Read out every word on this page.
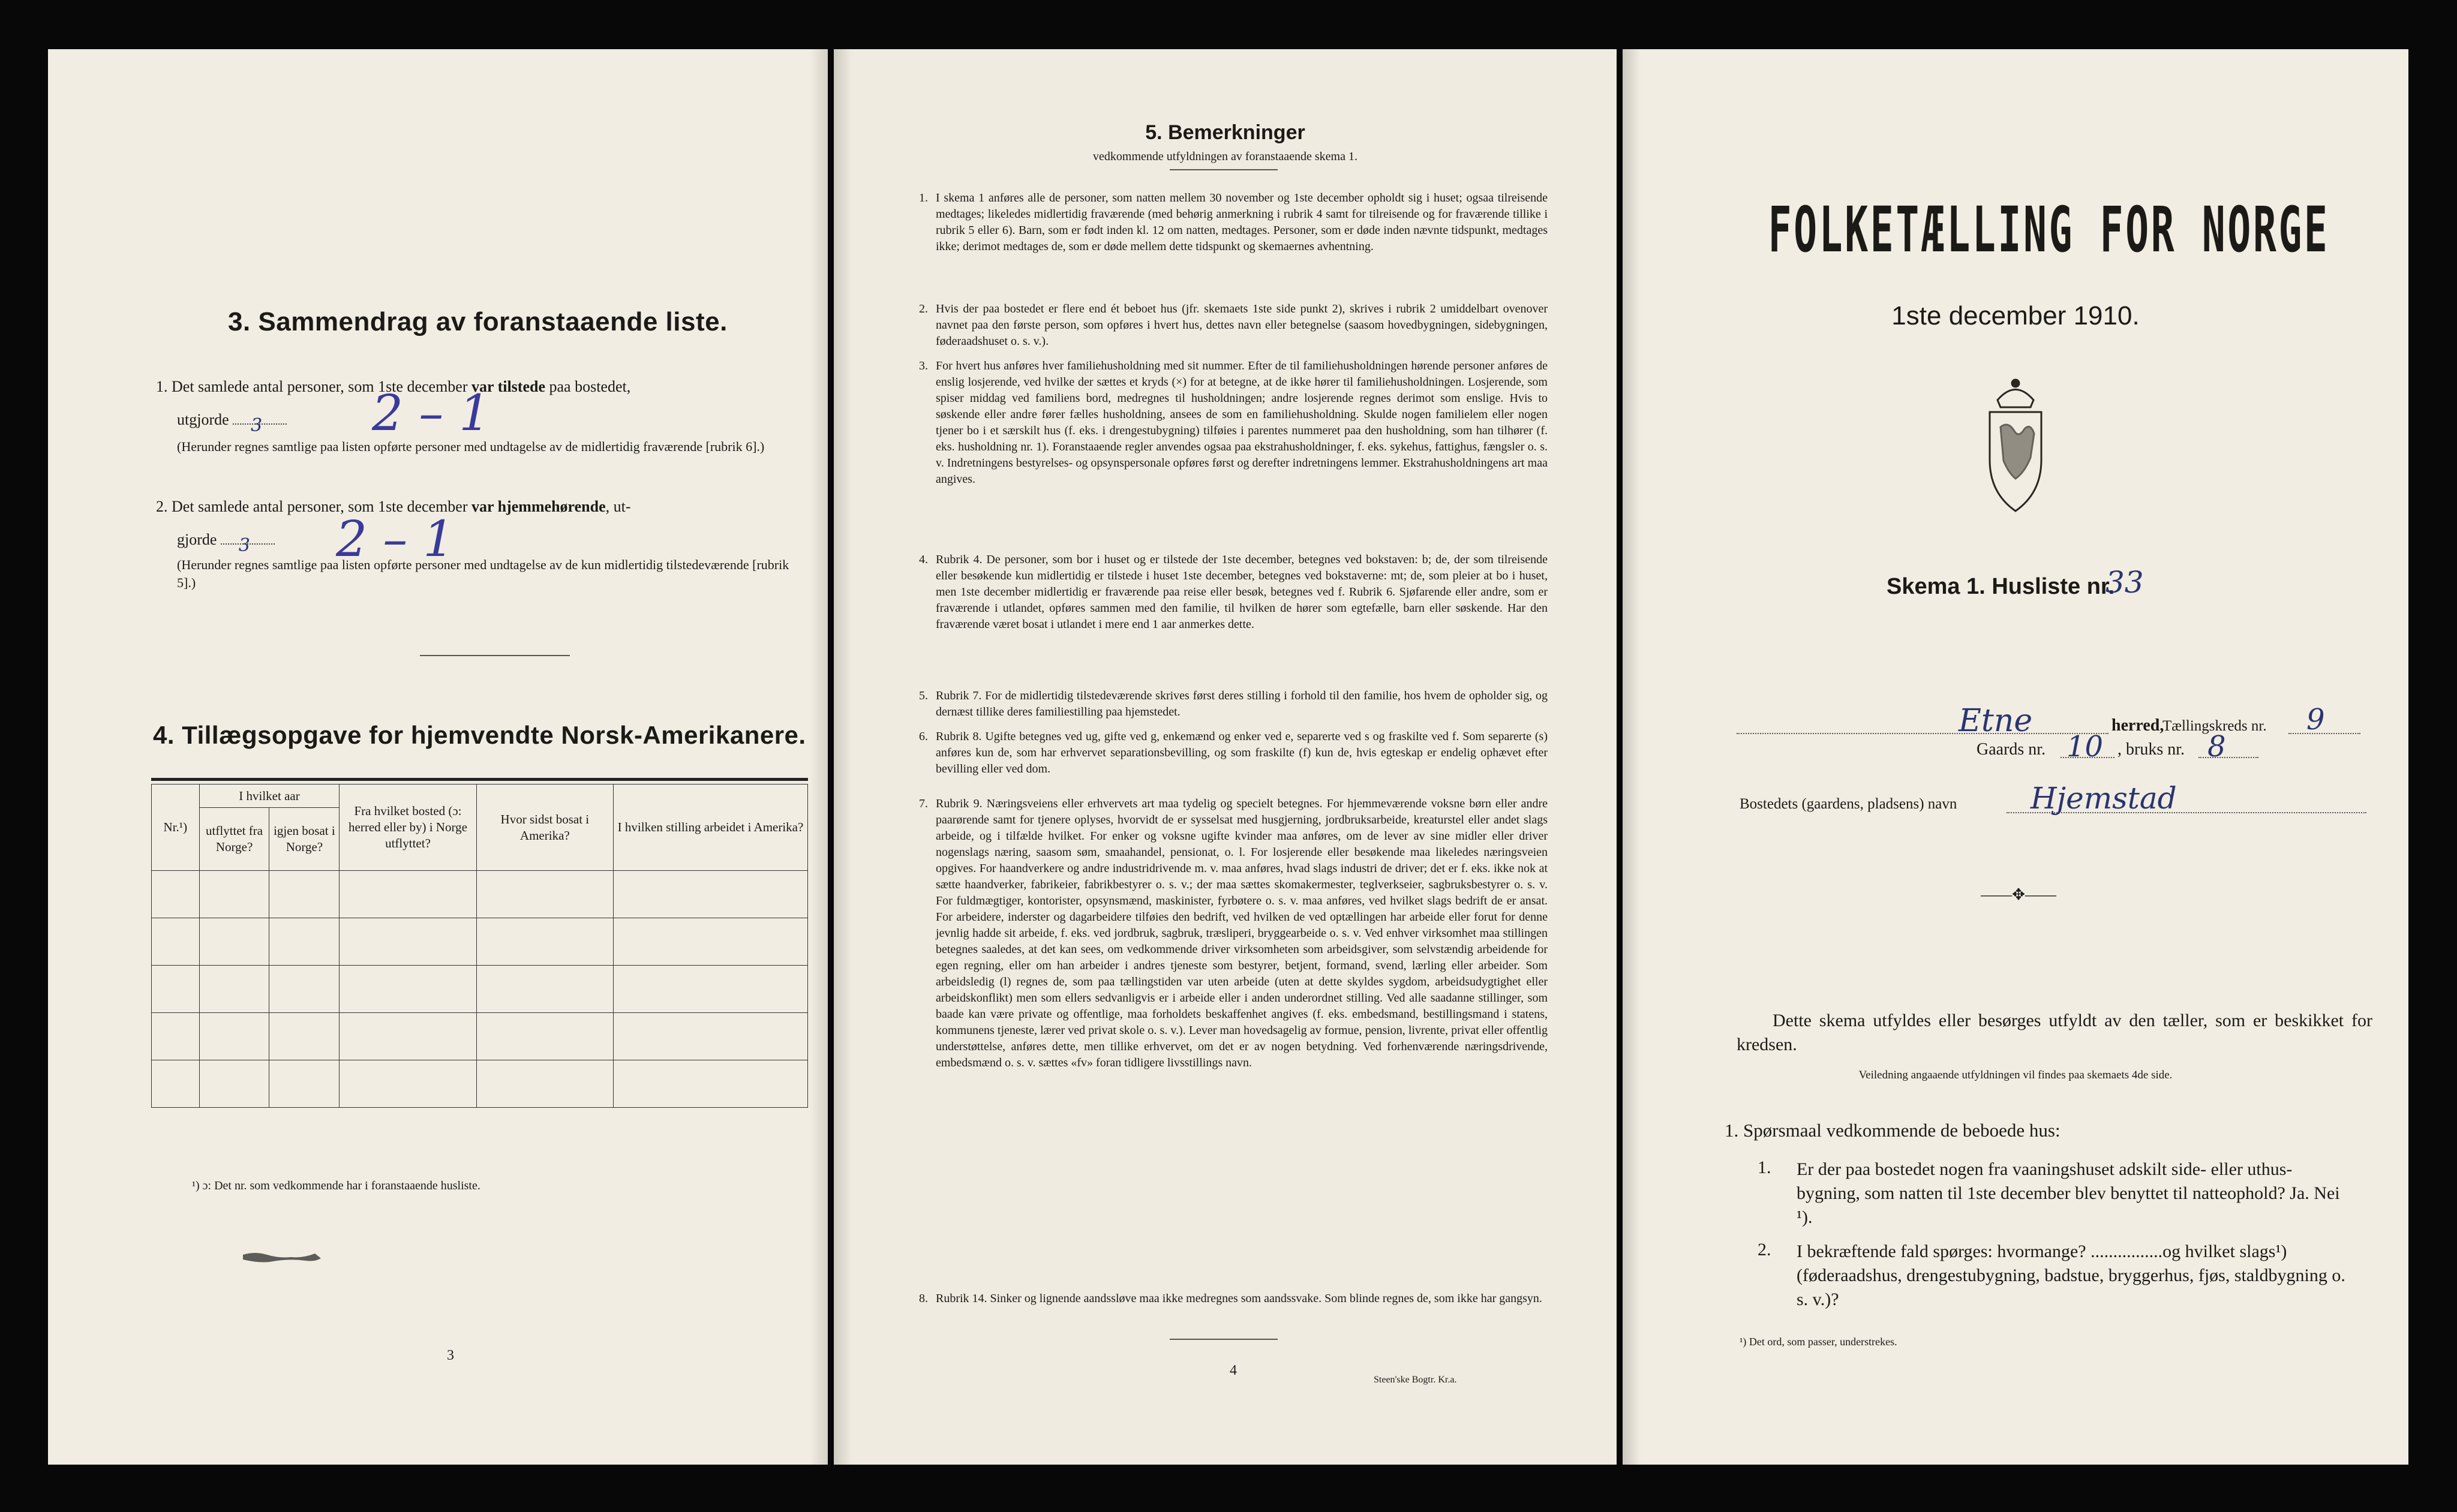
3. Sammendrag av foranstaaende liste.
1. Det samlede antal personer, som 1ste december var tilstede paa bostedet,
utgjorde 3 2 – 1
(Herunder regnes samtlige paa listen opførte personer med undtagelse av de midlertidig fraværende [rubrik 6].)
2. Det samlede antal personer, som 1ste december var hjemmehørende, ut-
gjorde 3 2 – 1
(Herunder regnes samtlige paa listen opførte personer med undtagelse av de kun midlertidig tilstedeværende [rubrik 5].)
4. Tillægsopgave for hjemvendte Norsk-Amerikanere.
Nr.¹)	I hvilket aar		Fra hvilket bosted (ɔ: herred eller by) i Norge utflyttet?	Hvor sidst bosat i Amerika?	I hvilken stilling arbeidet i Amerika?
	utflyttet fra Norge?	igjen bosat i Norge?			

¹) ɔ: Det nr. som vedkommende har i foranstaaende husliste.
3
5. Bemerkninger
vedkommende utfyldningen av foranstaaende skema 1.
1. I skema 1 anføres alle de personer, som natten mellem 30 november og 1ste december opholdt sig i huset; ogsaa tilreisende medtages; likeledes midlertidig fraværende (med behørig anmerkning i rubrik 4 samt for tilreisende og for fraværende tillike i rubrik 5 eller 6). Barn, som er født inden kl. 12 om natten, medtages. Personer, som er døde inden nævnte tidspunkt, medtages ikke; derimot medtages de, som er døde mellem dette tidspunkt og skemaernes avhentning.
2. Hvis der paa bostedet er flere end ét beboet hus (jfr. skemaets 1ste side punkt 2), skrives i rubrik 2 umiddelbart ovenover navnet paa den første person, som opføres i hvert hus, dettes navn eller betegnelse (saasom hovedbygningen, sidebygningen, føderaadshuset o. s. v.).
3. For hvert hus anføres hver familiehusholdning med sit nummer. Efter de til familiehusholdningen hørende personer anføres de enslig losjerende, ved hvilke der sættes et kryds (×) for at betegne, at de ikke hører til familiehusholdningen. Losjerende, som spiser middag ved familiens bord, medregnes til husholdningen; andre losjerende regnes derimot som enslige. Hvis to søskende eller andre fører fælles husholdning, ansees de som en familiehusholdning. Skulde nogen familielem eller nogen tjener bo i et særskilt hus (f. eks. i drengestubygning) tilføies i parentes nummeret paa den husholdning, som han tilhører (f. eks. husholdning nr. 1). Foranstaaende regler anvendes ogsaa paa ekstrahusholdninger, f. eks. sykehus, fattighus, fængsler o. s. v. Indretningens bestyrelses- og opsynspersonale opføres først og derefter indretningens lemmer. Ekstrahusholdningens art maa angives.
4. Rubrik 4. De personer, som bor i huset og er tilstede der 1ste december, betegnes ved bokstaven: b; de, der som tilreisende eller besøkende kun midlertidig er tilstede i huset 1ste december, betegnes ved bokstaverne: mt; de, som pleier at bo i huset, men 1ste december midlertidig er fraværende paa reise eller besøk, betegnes ved f. Rubrik 6. Sjøfarende eller andre, som er fraværende i utlandet, opføres sammen med den familie, til hvilken de hører som egtefælle, barn eller søskende. Har den fraværende været bosat i utlandet i mere end 1 aar anmerkes dette.
5. Rubrik 7. For de midlertidig tilstedeværende skrives først deres stilling i forhold til den familie, hos hvem de opholder sig, og dernæst tillike deres familiestilling paa hjemstedet.
6. Rubrik 8. Ugifte betegnes ved ug, gifte ved g, enkemænd og enker ved e, separerte ved s og fraskilte ved f. Som separerte (s) anføres kun de, som har erhvervet separationsbevilling, og som fraskilte (f) kun de, hvis egteskap er endelig ophævet efter bevilling eller ved dom.
7. Rubrik 9. Næringsveiens eller erhvervets art maa tydelig og specielt betegnes. For hjemmeværende voksne børn eller andre paarørende samt for tjenere oplyses, hvorvidt de er sysselsat med husgjerning, jordbruksarbeide, kreaturstel eller andet slags arbeide, og i tilfælde hvilket. For enker og voksne ugifte kvinder maa anføres, om de lever av sine midler eller driver nogenslags næring, saasom søm, smaahandel, pensionat, o. l. For losjerende eller besøkende maa likeledes næringsveien opgives. For haandverkere og andre industridrivende m. v. maa anføres, hvad slags industri de driver; det er f. eks. ikke nok at sætte haandverker, fabrikeier, fabrikbestyrer o. s. v.; der maa sættes skomakermester, teglverkseier, sagbruksbestyrer o. s. v. For fuldmægtiger, kontorister, opsynsmænd, maskinister, fyrbøtere o. s. v. maa anføres, ved hvilket slags bedrift de er ansat. For arbeidere, inderster og dagarbeidere tilføies den bedrift, ved hvilken de ved optællingen har arbeide eller forut for denne jevnlig hadde sit arbeide, f. eks. ved jordbruk, sagbruk, træsliperi, bryggearbeide o. s. v. Ved enhver virksomhet maa stillingen betegnes saaledes, at det kan sees, om vedkommende driver virksomheten som arbeidsgiver, som selvstændig arbeidende for egen regning, eller om han arbeider i andres tjeneste som bestyrer, betjent, formand, svend, lærling eller arbeider. Som arbeidsledig (l) regnes de, som paa tællingstiden var uten arbeide (uten at dette skyldes sygdom, arbeidsudygtighet eller arbeidskonflikt) men som ellers sedvanligvis er i arbeide eller i anden underordnet stilling. Ved alle saadanne stillinger, som baade kan være private og offentlige, maa forholdets beskaffenhet angives (f. eks. embedsmand, bestillingsmand i statens, kommunens tjeneste, lærer ved privat skole o. s. v.). Lever man hovedsagelig av formue, pension, livrente, privat eller offentlig understøttelse, anføres dette, men tillike erhvervet, om det er av nogen betydning. Ved forhenværende næringsdrivende, embedsmænd o. s. v. sættes «fv» foran tidligere livsstillings navn.
8. Rubrik 14. Sinker og lignende aandssløve maa ikke medregnes som aandssvake. Som blinde regnes de, som ikke har gangsyn.
4
Steen'ske Bogtr. Kr.a.
FOLKETÆLLING FOR NORGE
1ste december 1910.
Skema 1. Husliste nr.
33
Etne	herred,
Tællingskreds nr. 9
Gaards nr. 10 , bruks nr. 8
Bostedets (gaardens, pladsens) navn Hjemstad
——✥——
Dette skema utfyldes eller besørges utfyldt av den tæller, som er beskikket for kredsen.
Veiledning angaaende utfyldningen vil findes paa skemaets 4de side.
1. Spørsmaal vedkommende de beboede hus:
1. Er der paa bostedet nogen fra vaaningshuset adskilt side- eller uthus-bygning, som natten til 1ste december blev benyttet til natteophold? Ja. Nei ¹).
2. I bekræftende fald spørges: hvormange? ................og hvilket slags¹) (føderaadshus, drengestubygning, badstue, bryggerhus, fjøs, staldbygning o. s. v.)?
¹) Det ord, som passer, understrekes.
